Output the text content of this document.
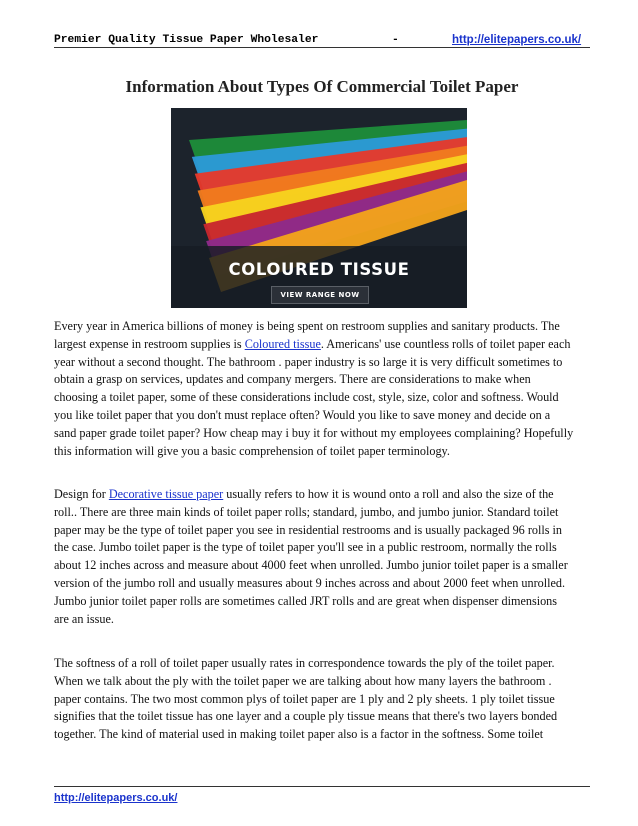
Premier Quality Tissue Paper Wholesaler	-	http://elitepapers.co.uk/
Information About Types Of Commercial Toilet Paper
COLOURED TISSUE
VIEW RANGE NOW
Every year in America billions of money is being spent on restroom supplies and sanitary products. The
largest expense in restroom supplies is Coloured tissue. Americans' use countless rolls of toilet paper each
year without a second thought. The bathroom . paper industry is so large it is very difficult sometimes to
obtain a grasp on services, updates and company mergers. There are considerations to make when
choosing a toilet paper, some of these considerations include cost, style, size, color and softness. Would
you like toilet paper that you don't must replace often? Would you like to save money and decide on a
sand paper grade toilet paper? How cheap may i buy it for without my employees complaining? Hopefully
this information will give you a basic comprehension of toilet paper terminology.
Design for Decorative tissue paper usually refers to how it is wound onto a roll and also the size of the
roll.. There are three main kinds of toilet paper rolls; standard, jumbo, and jumbo junior. Standard toilet
paper may be the type of toilet paper you see in residential restrooms and is usually packaged 96 rolls in
the case. Jumbo toilet paper is the type of toilet paper you'll see in a public restroom, normally the rolls
about 12 inches across and measure about 4000 feet when unrolled. Jumbo junior toilet paper is a smaller
version of the jumbo roll and usually measures about 9 inches across and about 2000 feet when unrolled.
Jumbo junior toilet paper rolls are sometimes called JRT rolls and are great when dispenser dimensions
are an issue.
The softness of a roll of toilet paper usually rates in correspondence towards the ply of the toilet paper.
When we talk about the ply with the toilet paper we are talking about how many layers the bathroom .
paper contains. The two most common plys of toilet paper are 1 ply and 2 ply sheets. 1 ply toilet tissue
signifies that the toilet tissue has one layer and a couple ply tissue means that there's two layers bonded
together. The kind of material used in making toilet paper also is a factor in the softness. Some toilet
http://elitepapers.co.uk/
